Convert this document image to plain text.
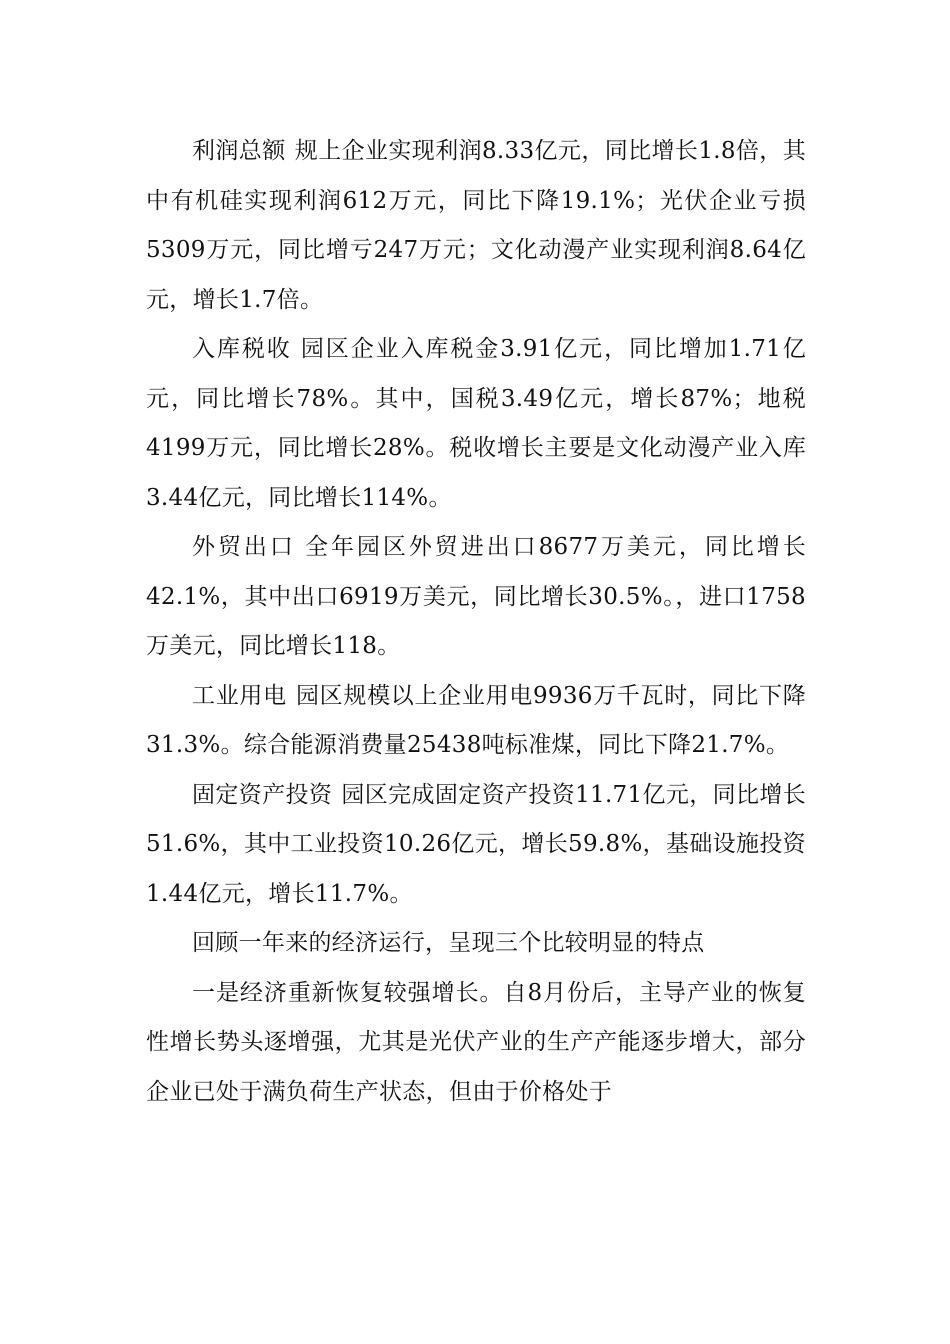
利润总额 规上企业实现利润8.33亿元，同比增长1.8倍，其中有机硅实现利润612万元，同比下降19.1%；光伏企业亏损5309万元，同比增亏247万元；文化动漫产业实现利润8.64亿元，增长1.7倍。

入库税收 园区企业入库税金3.91亿元，同比增加1.71亿元，同比增长78%。其中，国税3.49亿元，增长87%；地税4199万元，同比增长28%。税收增长主要是文化动漫产业入库3.44亿元，同比增长114%。

外贸出口 全年园区外贸进出口8677万美元，同比增长42.1%，其中出口6919万美元，同比增长30.5%。，进口1758万美元，同比增长118。

工业用电 园区规模以上企业用电9936万千瓦时，同比下降31.3%。综合能源消费量25438吨标准煤，同比下降21.7%。

固定资产投资 园区完成固定资产投资11.71亿元，同比增长51.6%，其中工业投资10.26亿元，增长59.8%，基础设施投资1.44亿元，增长11.7%。

回顾一年来的经济运行，呈现三个比较明显的特点

一是经济重新恢复较强增长。自8月份后，主导产业的恢复性增长势头逐增强，尤其是光伏产业的生产产能逐步增大，部分企业已处于满负荷生产状态，但由于价格处于
